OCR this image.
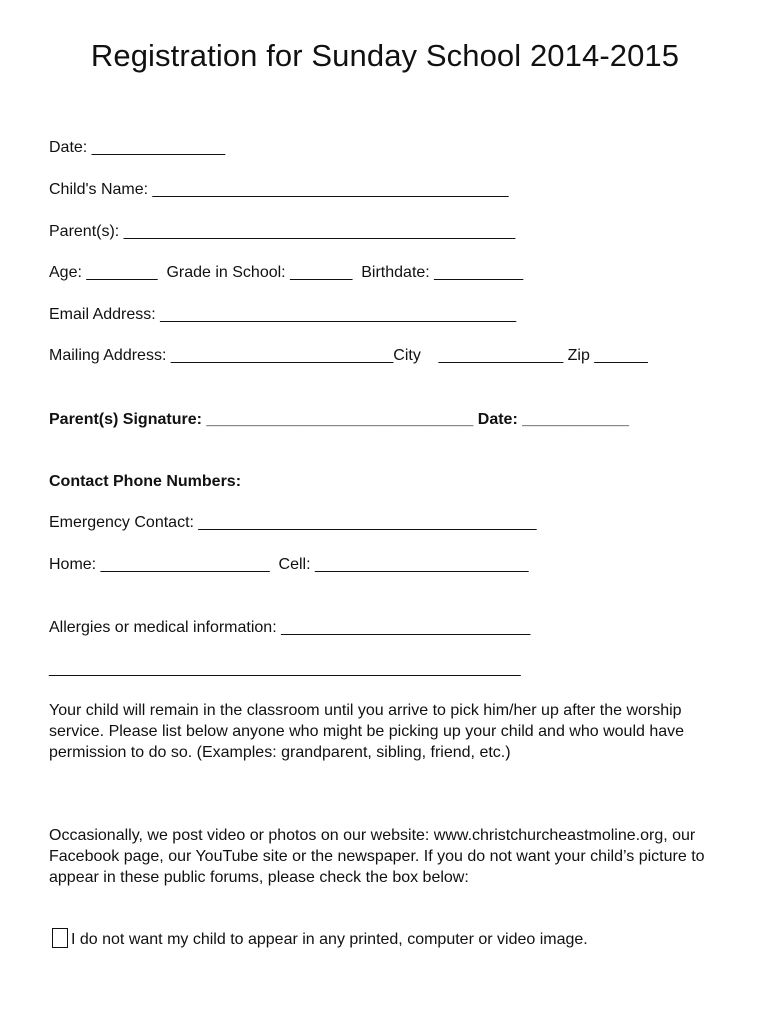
Registration for Sunday School 2014-2015
Date: _______________
Child's Name: ________________________________________
Parent(s): ____________________________________________
Age: ________  Grade in School: _______  Birthdate: __________
Email Address: ________________________________________
Mailing Address: _________________________City    ______________ Zip ______
Parent(s) Signature: ______________________________ Date: ____________
Contact Phone Numbers:
Emergency Contact: ______________________________________
Home: ___________________  Cell: ________________________
Allergies or medical information: ____________________________
_____________________________________________________
Your child will remain in the classroom until you arrive to pick him/her up after the worship service. Please list below anyone who might be picking up your child and who would have permission to do so. (Examples: grandparent, sibling, friend, etc.)
Occasionally, we post video or photos on our website: www.christchurcheastmoline.org, our Facebook page, our YouTube site or the newspaper. If you do not want your child’s picture to appear in these public forums, please check the box below:
I do not want my child to appear in any printed, computer or video image.
